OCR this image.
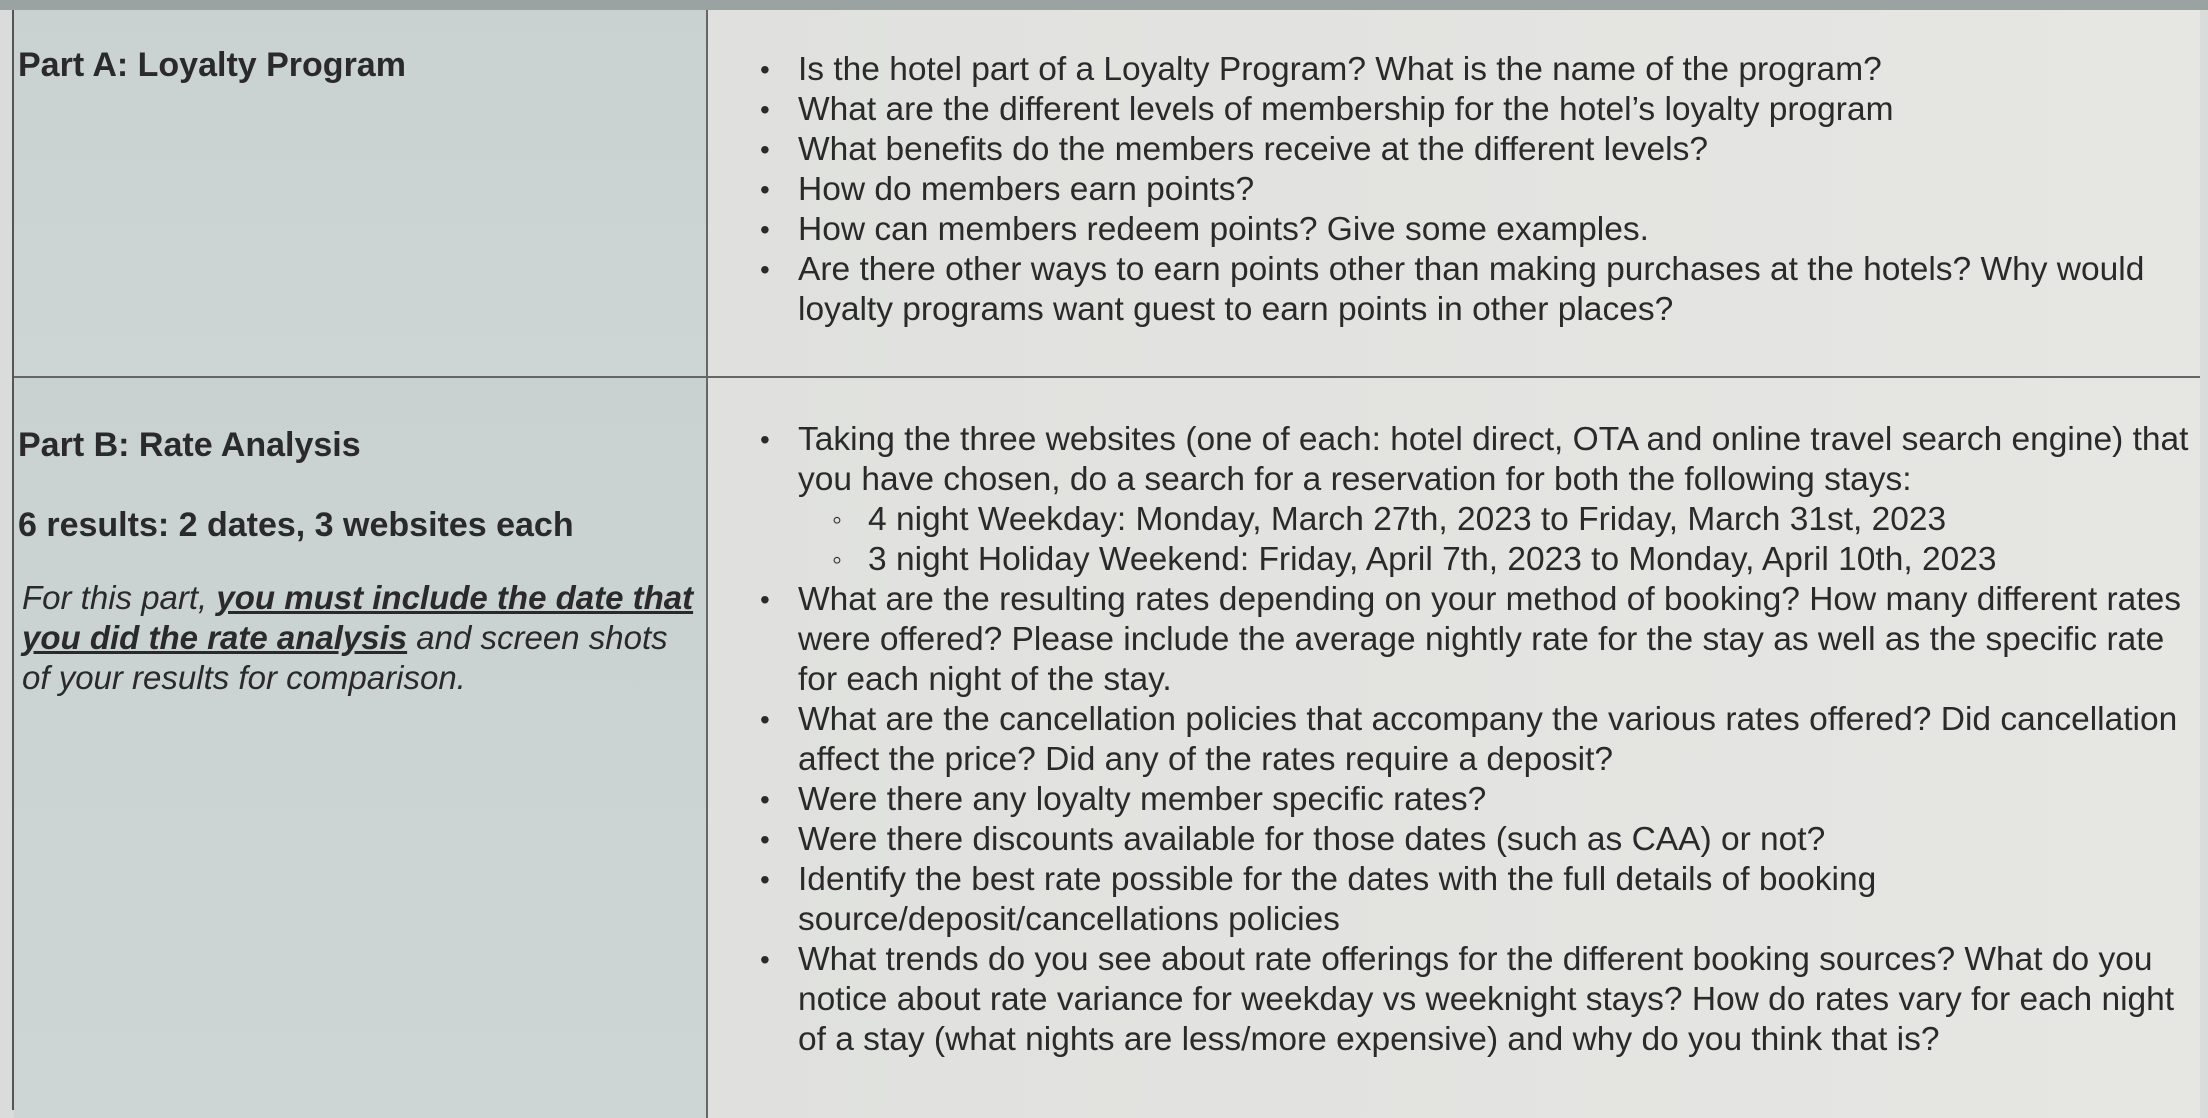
Part A: Loyalty Program	• Is the hotel part of a Loyalty Program? What is the name of the program?
• What are the different levels of membership for the hotel’s loyalty program
• What benefits do the members receive at the different levels?
• How do members earn points?
• How can members redeem points? Give some examples.
• Are there other ways to earn points other than making purchases at the hotels? Why would loyalty programs want guest to earn points in other places?
Part B: Rate Analysis
6 results: 2 dates, 3 websites each
For this part, you must include the date that you did the rate analysis and screen shots of your results for comparison.
• Taking the three websites (one of each: hotel direct, OTA and online travel search engine) that you have chosen, do a search for a reservation for both the following stays:
◦ 4 night Weekday: Monday, March 27th, 2023 to Friday, March 31st, 2023
◦ 3 night Holiday Weekend: Friday, April 7th, 2023 to Monday, April 10th, 2023
• What are the resulting rates depending on your method of booking? How many different rates were offered? Please include the average nightly rate for the stay as well as the specific rate for each night of the stay.
• What are the cancellation policies that accompany the various rates offered? Did cancellation affect the price? Did any of the rates require a deposit?
• Were there any loyalty member specific rates?
• Were there discounts available for those dates (such as CAA) or not?
• Identify the best rate possible for the dates with the full details of booking source/deposit/cancellations policies
• What trends do you see about rate offerings for the different booking sources? What do you notice about rate variance for weekday vs weeknight stays? How do rates vary for each night of a stay (what nights are less/more expensive) and why do you think that is?
